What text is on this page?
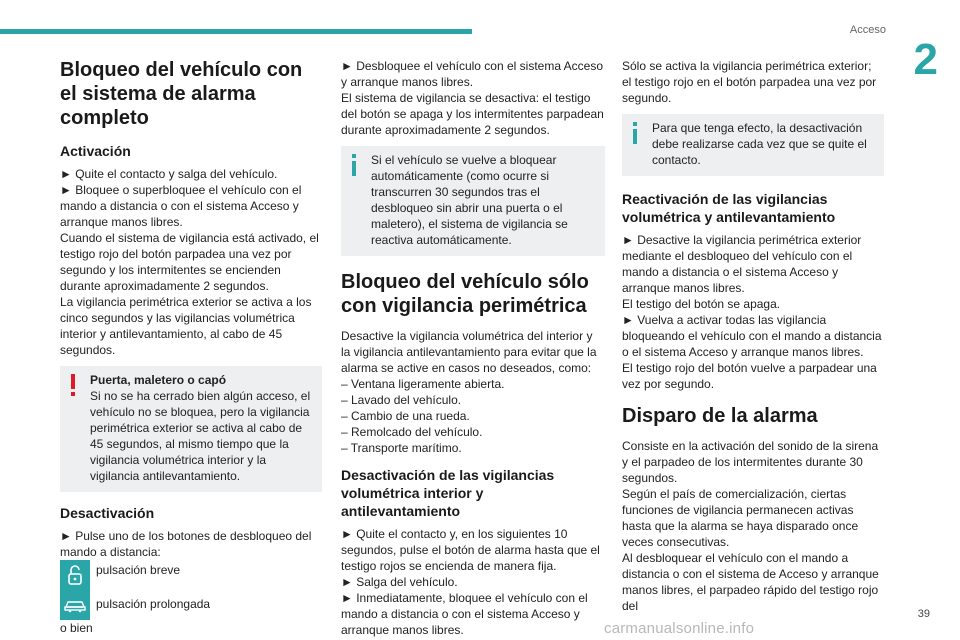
Acceso
2
Bloqueo del vehículo con el sistema de alarma completo
Activación

► Quite el contacto y salga del vehículo.

► Bloquee o superbloquee el vehículo con el mando a distancia o con el sistema Acceso y arranque manos libres.

Cuando el sistema de vigilancia está activado, el testigo rojo del botón parpadea una vez por segundo y los intermitentes se encienden durante aproximadamente 2 segundos.

La vigilancia perimétrica exterior se activa a los cinco segundos y las vigilancias volumétrica interior y antilevantamiento, al cabo de 45 segundos.

Puerta, maletero o capó
Si no se ha cerrado bien algún acceso, el vehículo no se bloquea, pero la vigilancia perimétrica exterior se activa al cabo de 45 segundos, al mismo tiempo que la vigilancia volumétrica interior y la vigilancia antilevantamiento.
Desactivación

► Pulse uno de los botones de desbloqueo del mando a distancia:

pulsación breve
pulsación prolongada

o bien

► Desbloquee el vehículo con el sistema Acceso y arranque manos libres.

El sistema de vigilancia se desactiva: el testigo del botón se apaga y los intermitentes parpadean durante aproximadamente 2 segundos.

Si el vehículo se vuelve a bloquear automáticamente (como ocurre si transcurren 30 segundos tras el desbloqueo sin abrir una puerta o el maletero), el sistema de vigilancia se reactiva automáticamente.
Bloqueo del vehículo sólo con vigilancia perimétrica

Desactive la vigilancia volumétrica del interior y la vigilancia antilevantamiento para evitar que la alarma se active en casos no deseados, como:

– Ventana ligeramente abierta.

– Lavado del vehículo.

– Cambio de una rueda.

– Remolcado del vehículo.

– Transporte marítimo.

Desactivación de las vigilancias volumétrica interior y antilevantamiento

► Quite el contacto y, en los siguientes 10 segundos, pulse el botón de alarma hasta que el testigo rojos se encienda de manera fija.

► Salga del vehículo.

► Inmediatamente, bloquee el vehículo con el mando a distancia o con el sistema Acceso y arranque manos libres.

Sólo se activa la vigilancia perimétrica exterior; el testigo rojo en el botón parpadea una vez por segundo.

Para que tenga efecto, la desactivación debe realizarse cada vez que se quite el contacto.
Reactivación de las vigilancias volumétrica y antilevantamiento

► Desactive la vigilancia perimétrica exterior mediante el desbloqueo del vehículo con el mando a distancia o el sistema Acceso y arranque manos libres.

El testigo del botón se apaga.

► Vuelva a activar todas las vigilancia bloqueando el vehículo con el mando a distancia o el sistema Acceso y arranque manos libres.

El testigo rojo del botón vuelve a parpadear una vez por segundo.

Disparo de la alarma

Consiste en la activación del sonido de la sirena y el parpadeo de los intermitentes durante 30 segundos.

Según el país de comercialización, ciertas funciones de vigilancia permanecen activas hasta que la alarma se haya disparado once veces consecutivas.

Al desbloquear el vehículo con el mando a distancia o con el sistema de Acceso y arranque manos libres, el parpadeo rápido del testigo rojo del

39
carmanualsonline.info
